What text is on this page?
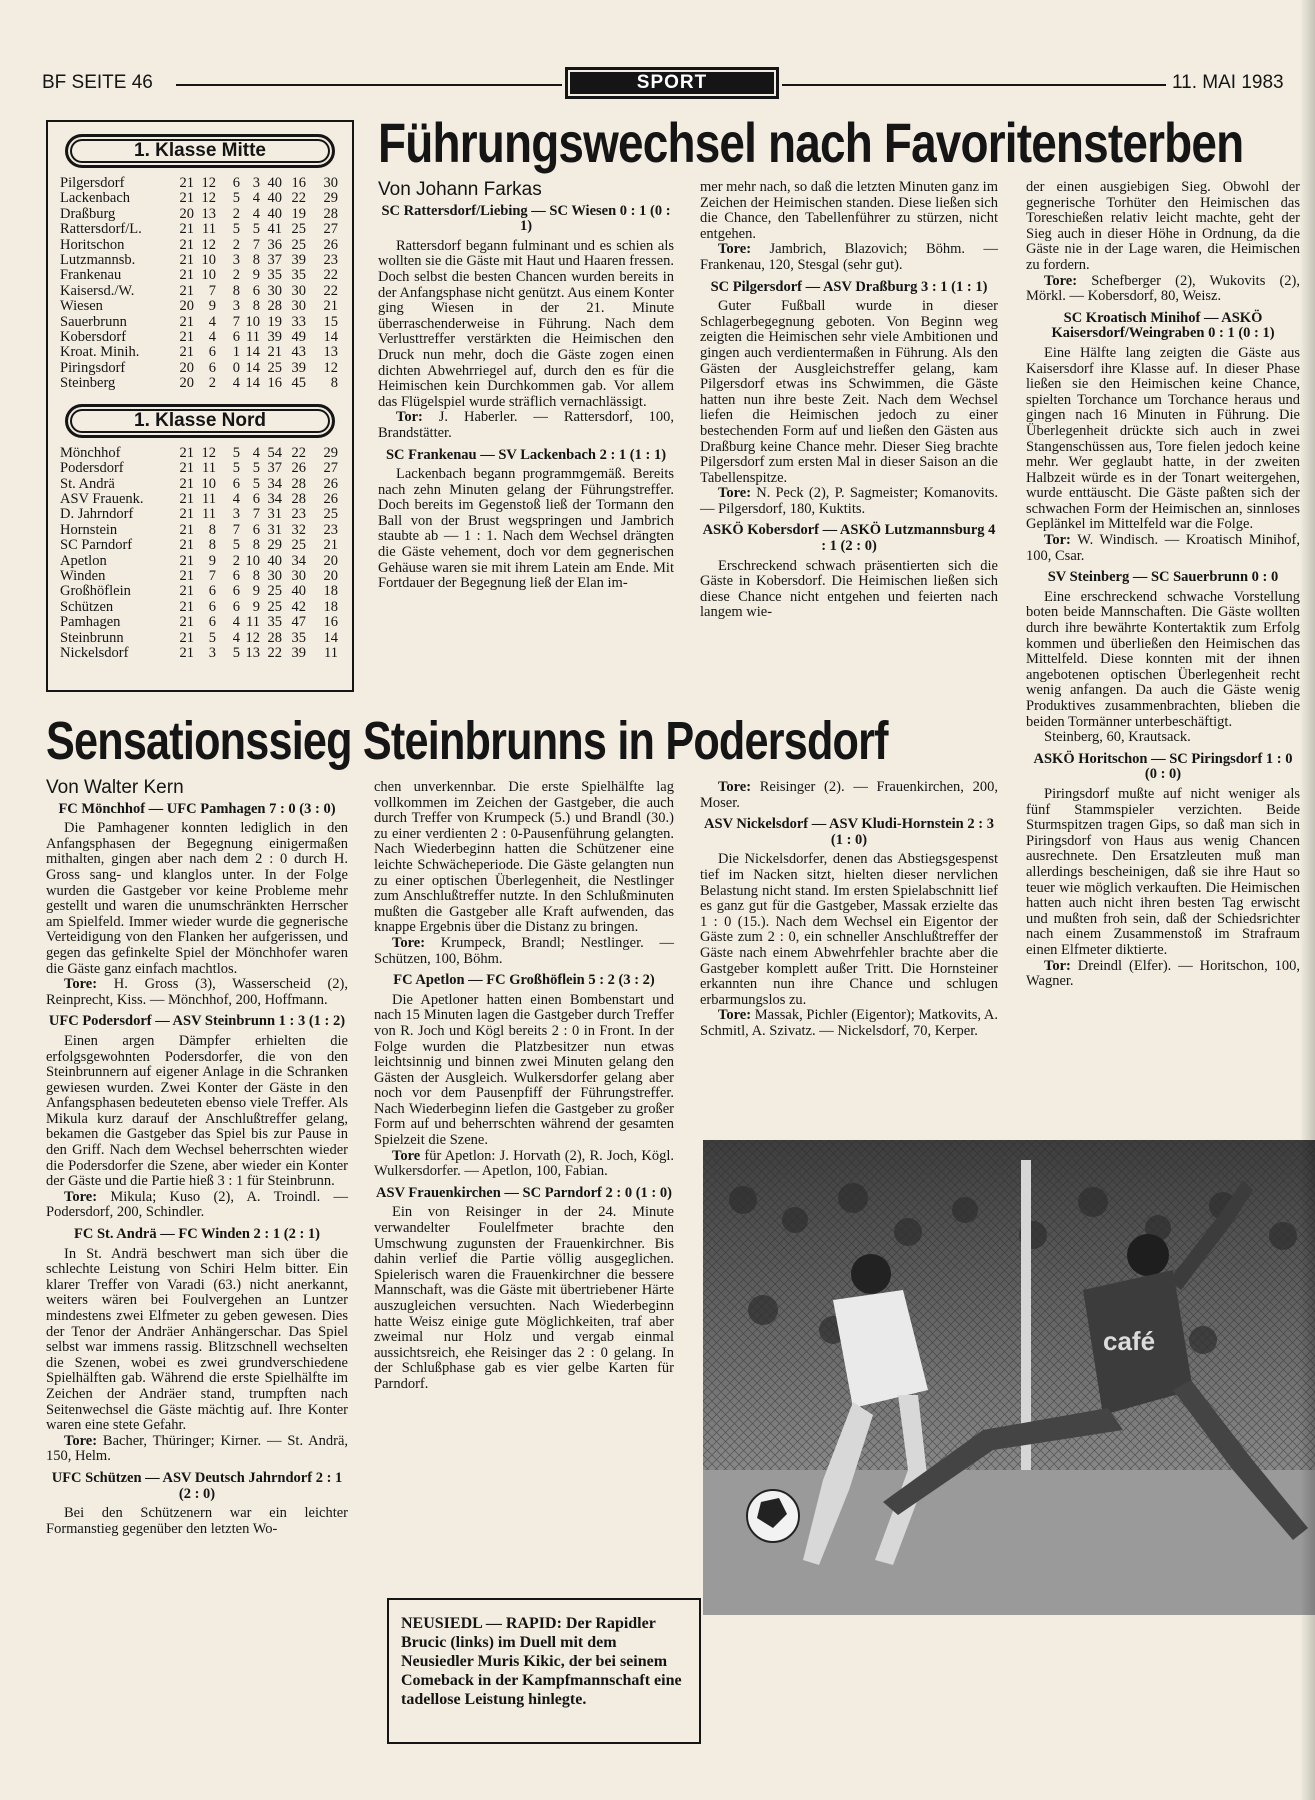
BF SEITE 46	SPORT	11. MAI 1983
Führungswechsel nach Favoritensterben
1. Klasse Mitte
Pilgersdorf	21	12	6	3	40	16	30
Lackenbach	21	12	5	4	40	22	29
Draßburg	20	13	2	4	40	19	28
Rattersdorf/L.	21	11	5	5	41	25	27
Horitschon	21	12	2	7	36	25	26
Lutzmannsb.	21	10	3	8	37	39	23
Frankenau	21	10	2	9	35	35	22
Kaisersd./W.	21	7	8	6	30	30	22
Wiesen	20	9	3	8	28	30	21
Sauerbrunn	21	4	7	10	19	33	15
Kobersdorf	21	4	6	11	39	49	14
Kroat. Minih.	21	6	1	14	21	43	13
Piringsdorf	20	6	0	14	25	39	12
Steinberg	20	2	4	14	16	45	8
1. Klasse Nord
Mönchhof	21	12	5	4	54	22	29
Podersdorf	21	11	5	5	37	26	27
St. Andrä	21	10	6	5	34	28	26
ASV Frauenk.	21	11	4	6	34	28	26
D. Jahrndorf	21	11	3	7	31	23	25
Hornstein	21	8	7	6	31	32	23
SC Parndorf	21	8	5	8	29	25	21
Apetlon	21	9	2	10	40	34	20
Winden	21	7	6	8	30	30	20
Großhöflein	21	6	6	9	25	40	18
Schützen	21	6	6	9	25	42	18
Pamhagen	21	6	4	11	35	47	16
Steinbrunn	21	5	4	12	28	35	14
Nickelsdorf	21	3	5	13	22	39	11

Von Johann Farkas

SC Rattersdorf/Liebing — SC Wiesen 0 : 1 (0 : 1)

Rattersdorf begann fulminant und es schien als wollten sie die Gäste mit Haut und Haaren fressen. Doch selbst die besten Chancen wurden bereits in der Anfangsphase nicht genützt. Aus einem Konter ging Wiesen in der 21. Minute überraschenderweise in Führung. Nach dem Verlusttreffer verstärkten die Heimischen den Druck nun mehr, doch die Gäste zogen einen dichten Abwehrriegel auf, durch den es für die Heimischen kein Durchkommen gab. Vor allem das Flügelspiel wurde sträflich vernachlässigt.

Tor: J. Haberler. — Rattersdorf, 100, Brandstätter.

SC Frankenau — SV Lackenbach 2 : 1 (1 : 1)

Lackenbach begann programmgemäß. Bereits nach zehn Minuten gelang der Führungstreffer. Doch bereits im Gegenstoß ließ der Tormann den Ball von der Brust wegspringen und Jambrich staubte ab — 1 : 1. Nach dem Wechsel drängten die Gäste vehement, doch vor dem gegnerischen Gehäuse waren sie mit ihrem Latein am Ende. Mit Fortdauer der Begegnung ließ der Elan im-

mer mehr nach, so daß die letzten Minuten ganz im Zeichen der Heimischen standen. Diese ließen sich die Chance, den Tabellenführer zu stürzen, nicht entgehen.

Tore: Jambrich, Blazovich; Böhm. — Frankenau, 120, Stesgal (sehr gut).

SC Pilgersdorf — ASV Draßburg 3 : 1 (1 : 1)

Guter Fußball wurde in dieser Schlagerbegegnung geboten. Von Beginn weg zeigten die Heimischen sehr viele Ambitionen und gingen auch verdientermaßen in Führung. Als den Gästen der Ausgleichstreffer gelang, kam Pilgersdorf etwas ins Schwimmen, die Gäste hatten nun ihre beste Zeit. Nach dem Wechsel liefen die Heimischen jedoch zu einer bestechenden Form auf und ließen den Gästen aus Draßburg keine Chance mehr. Dieser Sieg brachte Pilgersdorf zum ersten Mal in dieser Saison an die Tabellenspitze.

Tore: N. Peck (2), P. Sagmeister; Komanovits. — Pilgersdorf, 180, Kuktits.

ASKÖ Kobersdorf — ASKÖ Lutzmannsburg 4 : 1 (2 : 0)

Erschreckend schwach präsentierten sich die Gäste in Kobersdorf. Die Heimischen ließen sich diese Chance nicht entgehen und feierten nach langem wie-

der einen ausgiebigen Sieg. Obwohl der gegnerische Torhüter den Heimischen das Toreschießen relativ leicht machte, geht der Sieg auch in dieser Höhe in Ordnung, da die Gäste nie in der Lage waren, die Heimischen zu fordern.

Tore: Schefberger (2), Wukovits (2), Mörkl. — Kobersdorf, 80, Weisz.

SC Kroatisch Minihof — ASKÖ Kaisersdorf/Weingraben 0 : 1 (0 : 1)

Eine Hälfte lang zeigten die Gäste aus Kaisersdorf ihre Klasse auf. In dieser Phase ließen sie den Heimischen keine Chance, spielten Torchance um Torchance heraus und gingen nach 16 Minuten in Führung. Die Überlegenheit drückte sich auch in zwei Stangenschüssen aus, Tore fielen jedoch keine mehr. Wer geglaubt hatte, in der zweiten Halbzeit würde es in der Tonart weitergehen, wurde enttäuscht. Die Gäste paßten sich der schwachen Form der Heimischen an, sinnloses Geplänkel im Mittelfeld war die Folge.

Tor: W. Windisch. — Kroatisch Minihof, 100, Csar.

SV Steinberg — SC Sauerbrunn 0 : 0

Eine erschreckend schwache Vorstellung boten beide Mannschaften. Die Gäste wollten durch ihre bewährte Kontertaktik zum Erfolg kommen und überließen den Heimischen das Mittelfeld. Diese konnten mit der ihnen angebotenen optischen Überlegenheit recht wenig anfangen. Da auch die Gäste wenig Produktives zusammenbrachten, blieben die beiden Tormänner unterbeschäftigt.

Steinberg, 60, Krautsack.

ASKÖ Horitschon — SC Piringsdorf 1 : 0 (0 : 0)

Piringsdorf mußte auf nicht weniger als fünf Stammspieler verzichten. Beide Sturmspitzen tragen Gips, so daß man sich in Piringsdorf von Haus aus wenig Chancen ausrechnete. Den Ersatzleuten muß man allerdings bescheinigen, daß sie ihre Haut so teuer wie möglich verkauften. Die Heimischen hatten auch nicht ihren besten Tag erwischt und mußten froh sein, daß der Schiedsrichter nach einem Zusammenstoß im Strafraum einen Elfmeter diktierte.

Tor: Dreindl (Elfer). — Horitschon, 100, Wagner.

Sensationssieg Steinbrunns in Podersdorf

Von Walter Kern

FC Mönchhof — UFC Pamhagen 7 : 0 (3 : 0)

Die Pamhagener konnten lediglich in den Anfangsphasen der Begegnung einigermaßen mithalten, gingen aber nach dem 2 : 0 durch H. Gross sang- und klanglos unter. In der Folge wurden die Gastgeber vor keine Probleme mehr gestellt und waren die unumschränkten Herrscher am Spielfeld. Immer wieder wurde die gegnerische Verteidigung von den Flanken her aufgerissen, und gegen das gefinkelte Spiel der Mönchhofer waren die Gäste ganz einfach machtlos.

Tore: H. Gross (3), Wasserscheid (2), Reinprecht, Kiss. — Mönchhof, 200, Hoffmann.

UFC Podersdorf — ASV Steinbrunn 1 : 3 (1 : 2)

Einen argen Dämpfer erhielten die erfolgsgewohnten Podersdorfer, die von den Steinbrunnern auf eigener Anlage in die Schranken gewiesen wurden. Zwei Konter der Gäste in den Anfangsphasen bedeuteten ebenso viele Treffer. Als Mikula kurz darauf der Anschlußtreffer gelang, bekamen die Gastgeber das Spiel bis zur Pause in den Griff. Nach dem Wechsel beherrschten wieder die Podersdorfer die Szene, aber wieder ein Konter der Gäste und die Partie hieß 3 : 1 für Steinbrunn.

Tore: Mikula; Kuso (2), A. Troindl. — Podersdorf, 200, Schindler.

FC St. Andrä — FC Winden 2 : 1 (2 : 1)

In St. Andrä beschwert man sich über die schlechte Leistung von Schiri Helm bitter. Ein klarer Treffer von Varadi (63.) nicht anerkannt, weiters wären bei Foulvergehen an Luntzer mindestens zwei Elfmeter zu geben gewesen. Dies der Tenor der Andräer Anhängerschar. Das Spiel selbst war immens rassig. Blitzschnell wechselten die Szenen, wobei es zwei grundverschiedene Spielhälften gab. Während die erste Spielhälfte im Zeichen der Andräer stand, trumpften nach Seitenwechsel die Gäste mächtig auf. Ihre Konter waren eine stete Gefahr.

Tore: Bacher, Thüringer; Kirner. — St. Andrä, 150, Helm.

UFC Schützen — ASV Deutsch Jahrndorf 2 : 1 (2 : 0)

Bei den Schützenern war ein leichter Formanstieg gegenüber den letzten Wo-

chen unverkennbar. Die erste Spielhälfte lag vollkommen im Zeichen der Gastgeber, die auch durch Treffer von Krumpeck (5.) und Brandl (30.) zu einer verdienten 2 : 0-Pausenführung gelangten. Nach Wiederbeginn hatten die Schützener eine leichte Schwächeperiode. Die Gäste gelangten nun zu einer optischen Überlegenheit, die Nestlinger zum Anschlußtreffer nutzte. In den Schlußminuten mußten die Gastgeber alle Kraft aufwenden, das knappe Ergebnis über die Distanz zu bringen.

Tore: Krumpeck, Brandl; Nestlinger. — Schützen, 100, Böhm.

FC Apetlon — FC Großhöflein 5 : 2 (3 : 2)

Die Apetloner hatten einen Bombenstart und nach 15 Minuten lagen die Gastgeber durch Treffer von R. Joch und Kögl bereits 2 : 0 in Front. In der Folge wurden die Platzbesitzer nun etwas leichtsinnig und binnen zwei Minuten gelang den Gästen der Ausgleich. Wulkersdorfer gelang aber noch vor dem Pausenpfiff der Führungstreffer. Nach Wiederbeginn liefen die Gastgeber zu großer Form auf und beherrschten während der gesamten Spielzeit die Szene.

Tore für Apetlon: J. Horvath (2), R. Joch, Kögl. Wulkersdorfer. — Apetlon, 100, Fabian.

ASV Frauenkirchen — SC Parndorf 2 : 0 (1 : 0)

Ein von Reisinger in der 24. Minute verwandelter Foulelfmeter brachte den Umschwung zugunsten der Frauenkirchner. Bis dahin verlief die Partie völlig ausgeglichen. Spielerisch waren die Frauenkirchner die bessere Mannschaft, was die Gäste mit übertriebener Härte auszugleichen versuchten. Nach Wiederbeginn hatte Weisz einige gute Möglichkeiten, traf aber zweimal nur Holz und vergab einmal aussichtsreich, ehe Reisinger das 2 : 0 gelang. In der Schlußphase gab es vier gelbe Karten für Parndorf.

Tore: Reisinger (2). — Frauenkirchen, 200, Moser.

ASV Nickelsdorf — ASV Kludi-Hornstein 2 : 3 (1 : 0)

Die Nickelsdorfer, denen das Abstiegsgespenst tief im Nacken sitzt, hielten dieser nervlichen Belastung nicht stand. Im ersten Spielabschnitt lief es ganz gut für die Gastgeber, Massak erzielte das 1 : 0 (15.). Nach dem Wechsel ein Eigentor der Gäste zum 2 : 0, ein schneller Anschlußtreffer der Gäste nach einem Abwehrfehler brachte aber die Gastgeber komplett außer Tritt. Die Hornsteiner erkannten nun ihre Chance und schlugen erbarmungslos zu.

Tore: Massak, Pichler (Eigentor); Matkovits, A. Schmitl, A. Szivatz. — Nickelsdorf, 70, Kerper.

café
NEUSIEDL — RAPID: Der Rapidler Brucic (links) im Duell mit dem Neusiedler Muris Kikic, der bei seinem Comeback in der Kampfmannschaft eine tadellose Leistung hinlegte.
